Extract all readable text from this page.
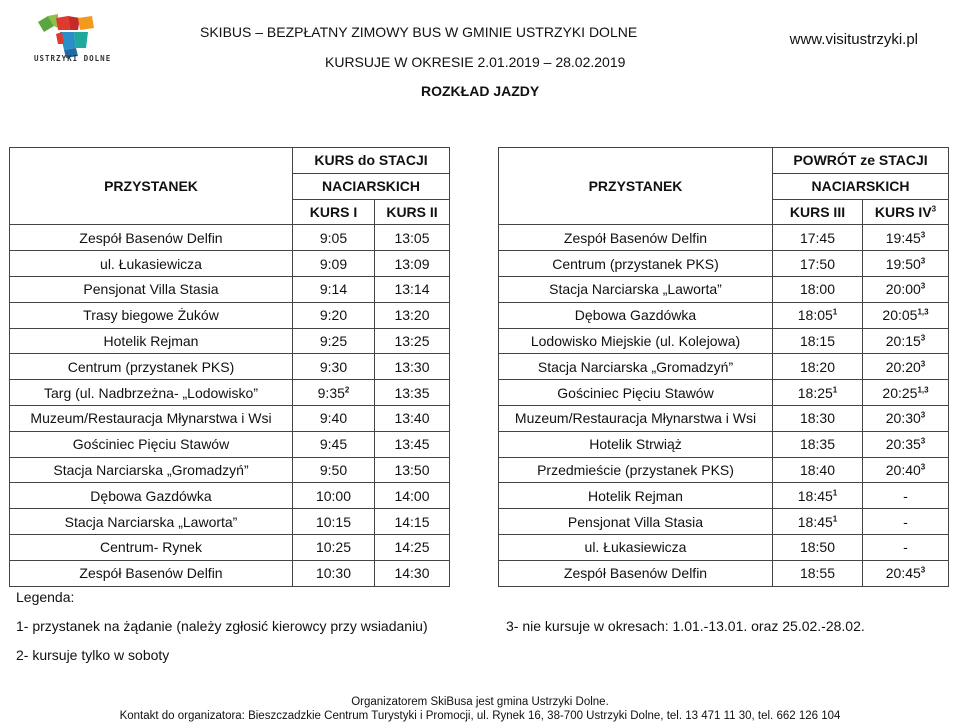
USTRZYKI DOLNE
SKIBUS – BEZPŁATNY ZIMOWY BUS W GMINIE USTRZYKI DOLNE
KURSUJE W OKRESIE 2.01.2019 – 28.02.2019
ROZKŁAD JAZDY
www.visitustrzyki.pl
PRZYSTANEK	KURS do STACJI	
	NACIARSKICH	
	KURS I	KURS II
Zespół Basenów Delfin	9:05	13:05
ul. Łukasiewicza	9:09	13:09
Pensjonat Villa Stasia	9:14	13:14
Trasy biegowe Żuków	9:20	13:20
Hotelik Rejman	9:25	13:25
Centrum (przystanek PKS)	9:30	13:30
Targ (ul. Nadbrzeżna- „Lodowisko”	$9:35^2$	13:35
Muzeum/Restauracja Młynarstwa i Wsi	9:40	13:40
Gościniec Pięciu Stawów	9:45	13:45
Stacja Narciarska „Gromadzyń”	9:50	13:50
Dębowa Gazdówka	10:00	14:00
Stacja Narciarska „Laworta”	10:15	14:15
Centrum- Rynek	10:25	14:25
Zespół Basenów Delfin	10:30	14:30
PRZYSTANEK	POWRÓT ze STACJI	
	NACIARSKICH	
	KURS III	KURS $IV^3$
Zespół Basenów Delfin	17:45	$19:45^3$
Centrum (przystanek PKS)	17:50	$19:50^3$
Stacja Narciarska „Laworta”	18:00	$20:00^3$
Dębowa Gazdówka	$18:05^1$	20:05$^{1,3}$
Lodowisko Miejskie (ul. Kolejowa)	18:15	$20:15^3$
Stacja Narciarska „Gromadzyń”	18:20	$20:20^3$
Gościniec Pięciu Stawów	$18:25^1$	20:25$^{1,3}$
Muzeum/Restauracja Młynarstwa i Wsi	18:30	$20:30^3$
Hotelik Strwiąż	18:35	$20:35^3$
Przedmieście (przystanek PKS)	18:40	$20:40^3$
Hotelik Rejman	$18:45^1$	-
Pensjonat Villa Stasia	$18:45^1$	-
ul. Łukasiewicza	18:50	-
Zespół Basenów Delfin	18:55	$20:45^3$
Legenda:
1- przystanek na żądanie (należy zgłosić kierowcy przy wsiadaniu)
2- kursuje tylko w soboty
3- nie kursuje w okresach: 1.01.-13.01. oraz 25.02.-28.02.
Organizatorem SkiBusa jest gmina Ustrzyki Dolne.
Kontakt do organizatora: Bieszczadzkie Centrum Turystyki i Promocji, ul. Rynek 16, 38-700 Ustrzyki Dolne, tel. 13 471 11 30, tel. 662 126 104
